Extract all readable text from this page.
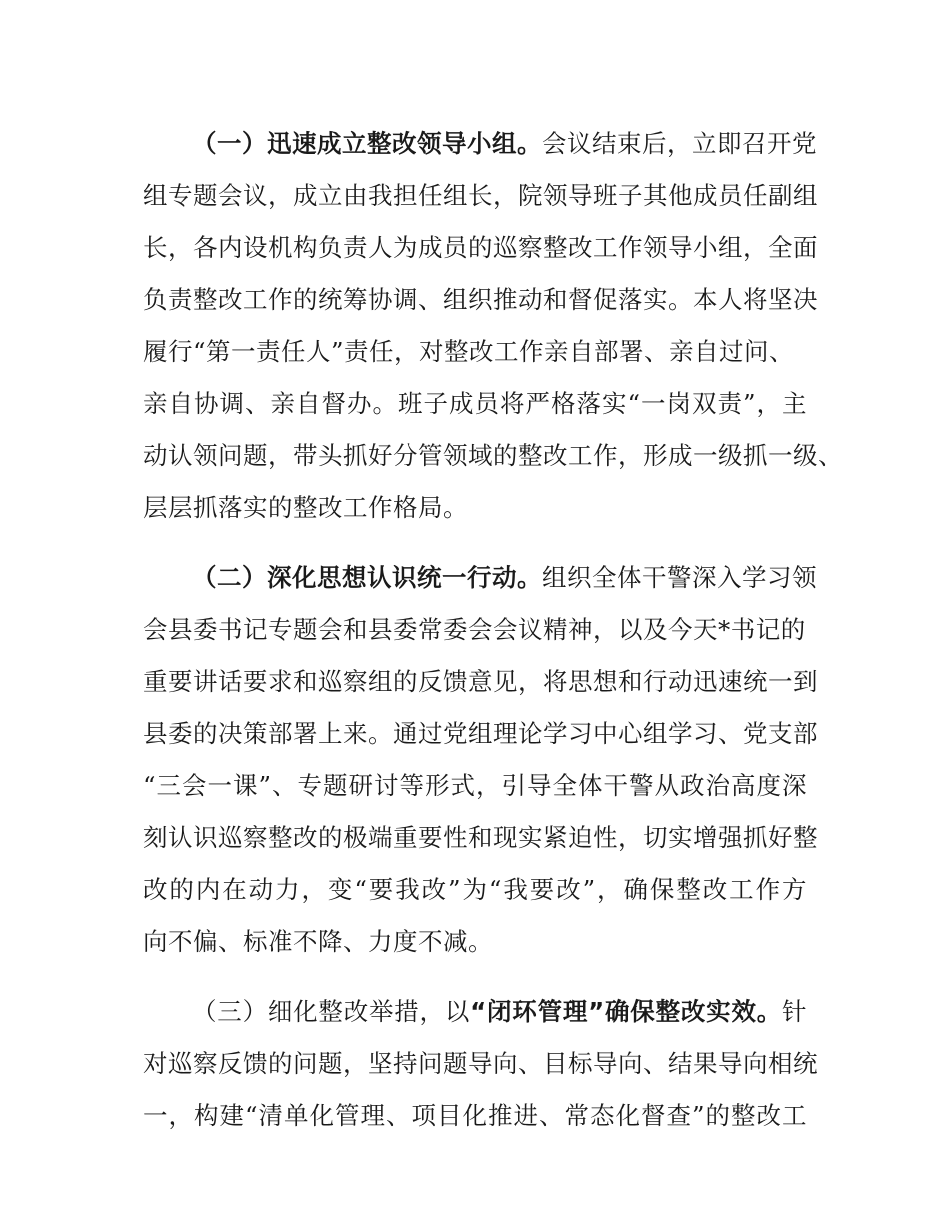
（一）迅速成立整改领导小组。会议结束后，立即召开党
组专题会议，成立由我担任组长，院领导班子其他成员任副组
长，各内设机构负责人为成员的巡察整改工作领导小组，全面
负责整改工作的统筹协调、组织推动和督促落实。本人将坚决
履行“第一责任人”责任，对整改工作亲自部署、亲自过问、
亲自协调、亲自督办。班子成员将严格落实“一岗双责”，主
动认领问题，带头抓好分管领域的整改工作，形成一级抓一级、
层层抓落实的整改工作格局。
（二）深化思想认识统一行动。组织全体干警深入学习领
会县委书记专题会和县委常委会会议精神，以及今天*书记的
重要讲话要求和巡察组的反馈意见，将思想和行动迅速统一到
县委的决策部署上来。通过党组理论学习中心组学习、党支部
“三会一课”、专题研讨等形式，引导全体干警从政治高度深
刻认识巡察整改的极端重要性和现实紧迫性，切实增强抓好整
改的内在动力，变“要我改”为“我要改”，确保整改工作方
向不偏、标准不降、力度不减。
（三）细化整改举措，以“闭环管理”确保整改实效。针
对巡察反馈的问题，坚持问题导向、目标导向、结果导向相统
一，构建“清单化管理、项目化推进、常态化督查”的整改工
